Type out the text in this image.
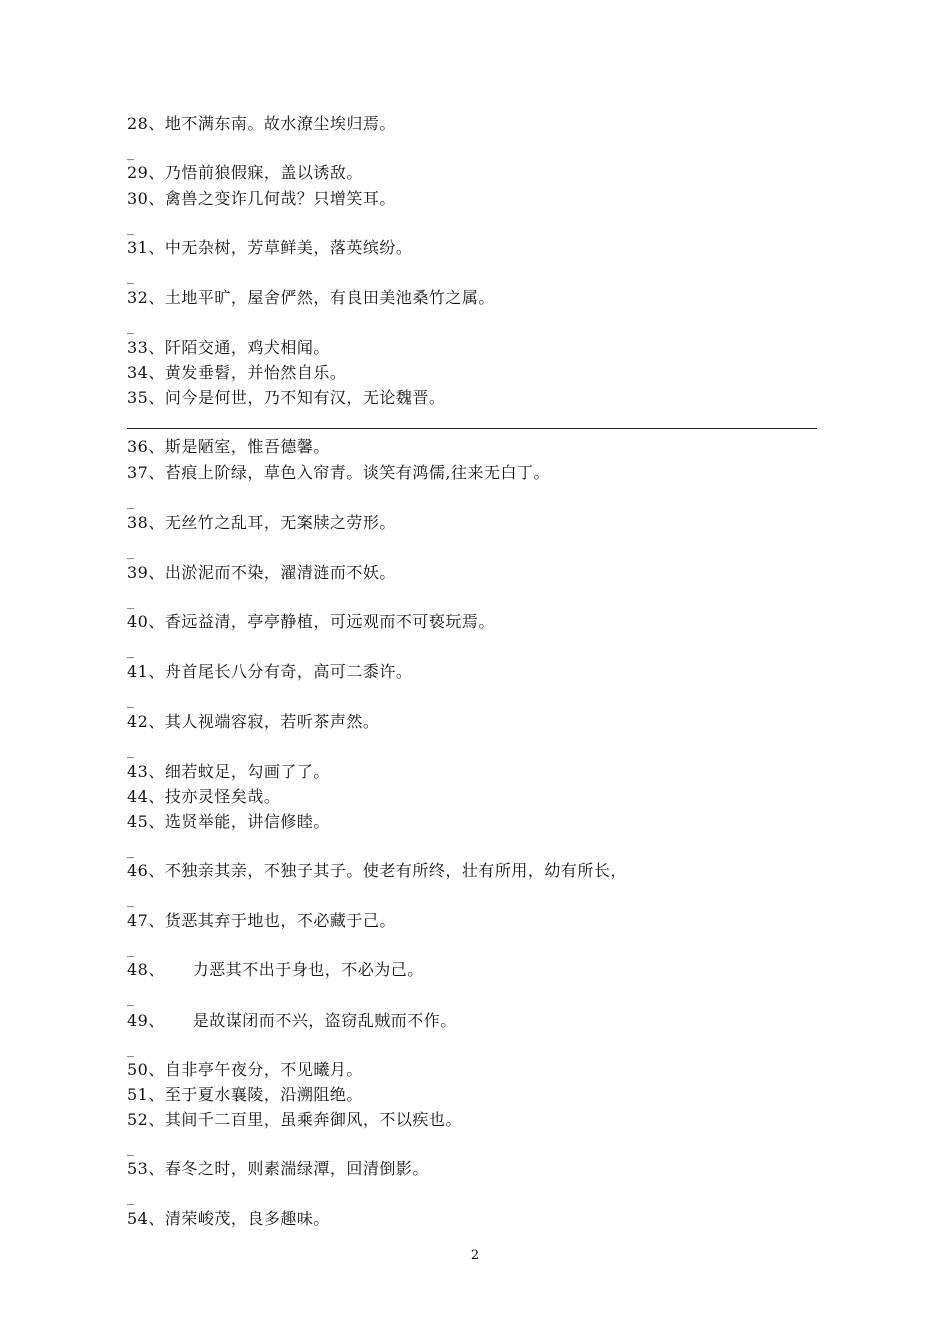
28、地不满东南。故水潦尘埃归焉。
_
29、乃悟前狼假寐，盖以诱敌。
30、禽兽之变诈几何哉？只增笑耳。
_
31、中无杂树，芳草鲜美，落英缤纷。
_
32、土地平旷，屋舍俨然，有良田美池桑竹之属。
_
33、阡陌交通，鸡犬相闻。
34、黄发垂髫，并怡然自乐。
35、问今是何世，乃不知有汉，无论魏晋。
36、斯是陋室，惟吾德馨。
37、苔痕上阶绿，草色入帘青。谈笑有鸿儒,往来无白丁。
_
38、无丝竹之乱耳，无案牍之劳形。
_
39、出淤泥而不染，濯清涟而不妖。
_
40、香远益清，亭亭静植，可远观而不可亵玩焉。
_
41、舟首尾长八分有奇，高可二黍许。
_
42、其人视端容寂，若听茶声然。
_
43、细若蚊足，勾画了了。
44、技亦灵怪矣哉。
45、选贤举能，讲信修睦。
_
46、不独亲其亲，不独子其子。使老有所终，壮有所用，幼有所长，
_
47、货恶其弃于地也，不必藏于己。
_
48、     力恶其不出于身也，不必为己。
_
49、     是故谋闭而不兴，盗窃乱贼而不作。
_
50、自非亭午夜分，不见曦月。
51、至于夏水襄陵，沿溯阻绝。
52、其间千二百里，虽乘奔御风，不以疾也。
_
53、春冬之时，则素湍绿潭，回清倒影。
_
54、清荣峻茂，良多趣味。
2
